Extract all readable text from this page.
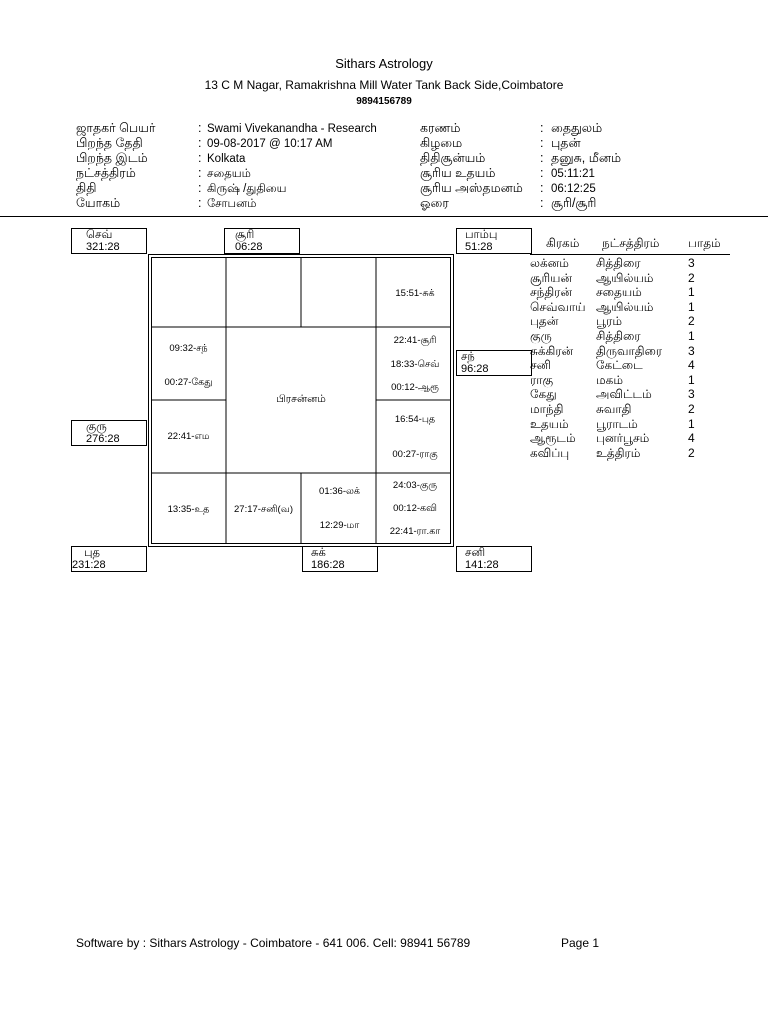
Sithars Astrology
13 C M Nagar, Ramakrishna Mill Water Tank Back Side,Coimbatore
9894156789
ஜாதகர் பெயர்	: Swami Vivekanandha - Research
பிறந்த தேதி	: 09-08-2017 @ 10:17 AM
பிறந்த இடம்	: Kolkata
நட்சத்திரம்	: சதையம்
திதி	: கிருஷ் /துதியை
யோகம்	: சோபனம்
கரணம்	: தைதுலம்
கிழமை	: புதன்
திதிசூன்யம்	: தனுசு, மீனம்
சூரிய உதயம்	: 05:11:21
சூரிய அஸ்தமனம் : 06:12:25
ஓரை	: சூரி/சூரி
15:51-சுக்
09:32-சந்
00:27-கேது
22:41-சூரி
18:33-செவ்
00:12-ஆரூ
பிரசன்னம்
22:41-எம
16:54-புத
00:27-ராகு
13:35-உத	27:17-சனி(வ)
01:36-லக்
12:29-மா
24:03-குரு
00:12-கவி
22:41-ரா.கா
செவ்
321:28
சூரி
06:28
பாம்பு
51:28
சந்
96:28
குரு
276:28
புத
231:28
சுக்
186:28
சனி
141:28
கிரகம் நட்சத்திரம் பாதம்
லக்னம் சித்திரை	3
சூரியன் ஆயில்யம்	2
சந்திரன் சதையம்	1
செவ்வாய் ஆயில்யம்	1
புதன்	பூரம்	2
குரு	சித்திரை	1
சுக்கிரன் திருவாதிரை 3
சனி	கேட்டை	4
ராகு	மகம்	1
கேது	அவிட்டம்	3
மாந்தி	சுவாதி	2
உதயம் பூராடம்	1
ஆரூடம் புனர்பூசம்	4
கவிப்பு உத்திரம்	2
Software by : Sithars Astrology - Coimbatore - 641 006. Cell: 98941 56789	Page 1
